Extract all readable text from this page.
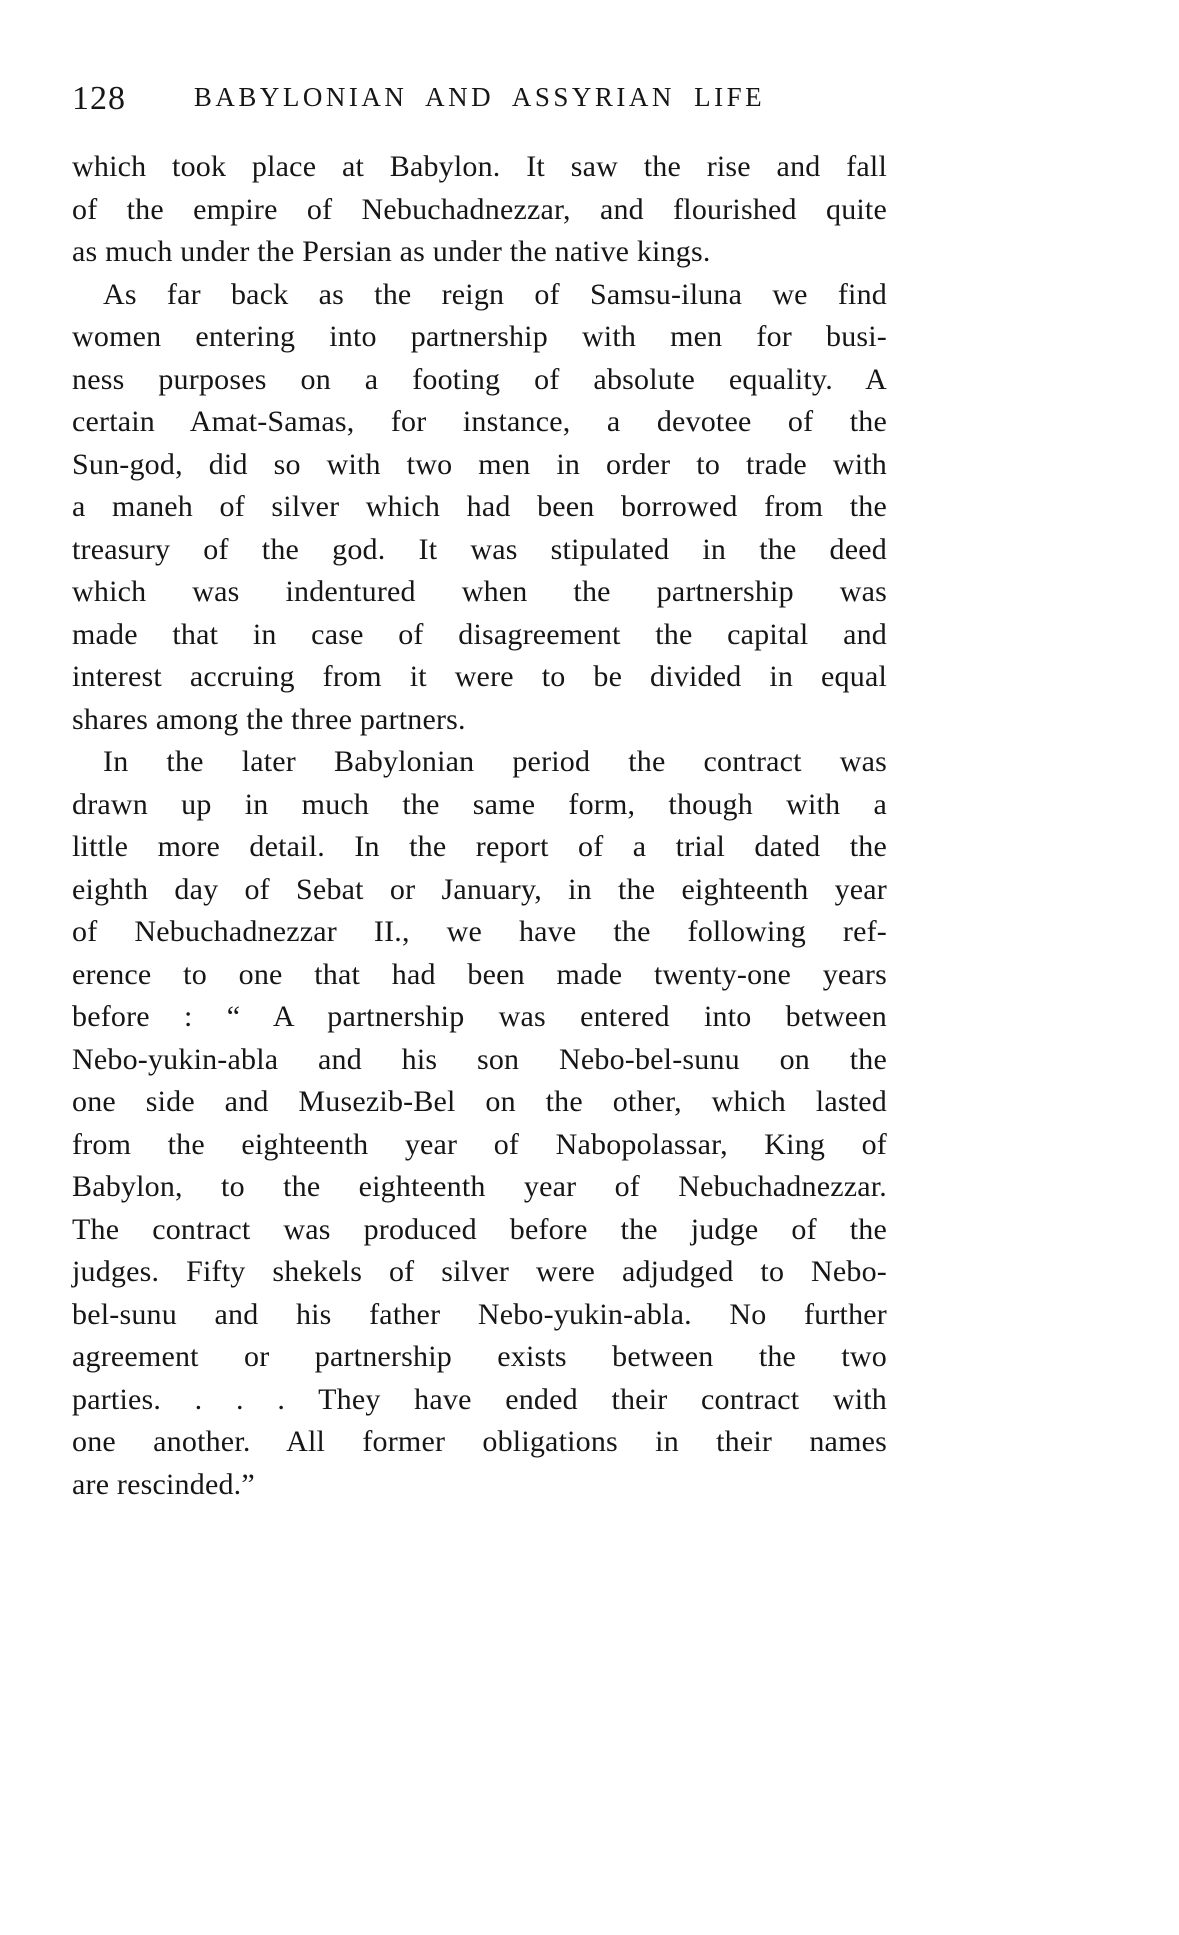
128	BABYLONIAN AND ASSYRIAN LIFE
which took place at Babylon. It saw the rise and fall
of the empire of Nebuchadnezzar, and flourished quite
as much under the Persian as under the native kings.
As far back as the reign of Samsu-iluna we find
women entering into partnership with men for busi-
ness purposes on a footing of absolute equality. A
certain Amat-Samas, for instance, a devotee of the
Sun-god, did so with two men in order to trade with
a maneh of silver which had been borrowed from the
treasury of the god. It was stipulated in the deed
which was indentured when the partnership was
made that in case of disagreement the capital and
interest accruing from it were to be divided in equal
shares among the three partners.
In the later Babylonian period the contract was
drawn up in much the same form, though with a
little more detail. In the report of a trial dated the
eighth day of Sebat or January, in the eighteenth year
of Nebuchadnezzar II., we have the following ref-
erence to one that had been made twenty-one years
before : “ A partnership was entered into between
Nebo-yukin-abla and his son Nebo-bel-sunu on the
one side and Musezib-Bel on the other, which lasted
from the eighteenth year of Nabopolassar, King of
Babylon, to the eighteenth year of Nebuchadnezzar.
The contract was produced before the judge of the
judges. Fifty shekels of silver were adjudged to Nebo-
bel-sunu and his father Nebo-yukin-abla. No further
agreement or partnership exists between the two
parties. . . . They have ended their contract with
one another. All former obligations in their names
are rescinded.”
